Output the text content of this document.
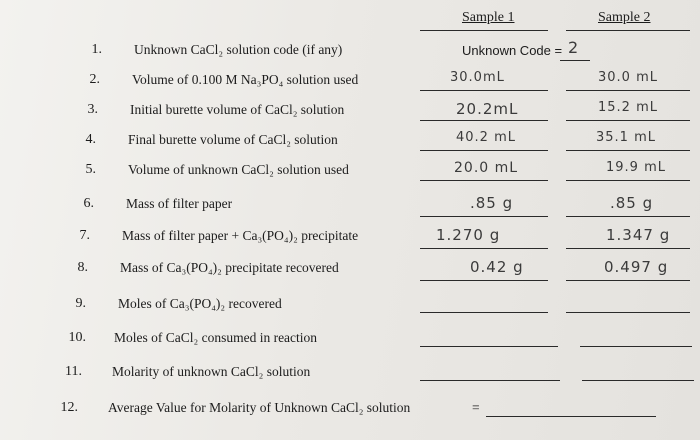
Sample 1	Sample 2
1. Unknown CaCl₂ solution code (if any)	Unknown Code = 2
2. Volume of 0.100 M Na₃PO₄ solution used	30.0mL	30.0 mL
3. Initial burette volume of CaCl₂ solution	20.2mL	15.2 mL
4. Final burette volume of CaCl₂ solution	40.2 mL	35.1 mL
5. Volume of unknown CaCl₂ solution used	20.0 mL	19.9 mL
6. Mass of filter paper	.85 g	.85 g
7. Mass of filter paper + Ca₃(PO₄)₂ precipitate	1.270 g	1.347 g
8. Mass of Ca₃(PO₄)₂ precipitate recovered	0.42 g	0.497 g
9. Moles of Ca₃(PO₄)₂ recovered
10. Moles of CaCl₂ consumed in reaction
11. Molarity of unknown CaCl₂ solution
12. Average Value for Molarity of Unknown CaCl₂ solution	=
